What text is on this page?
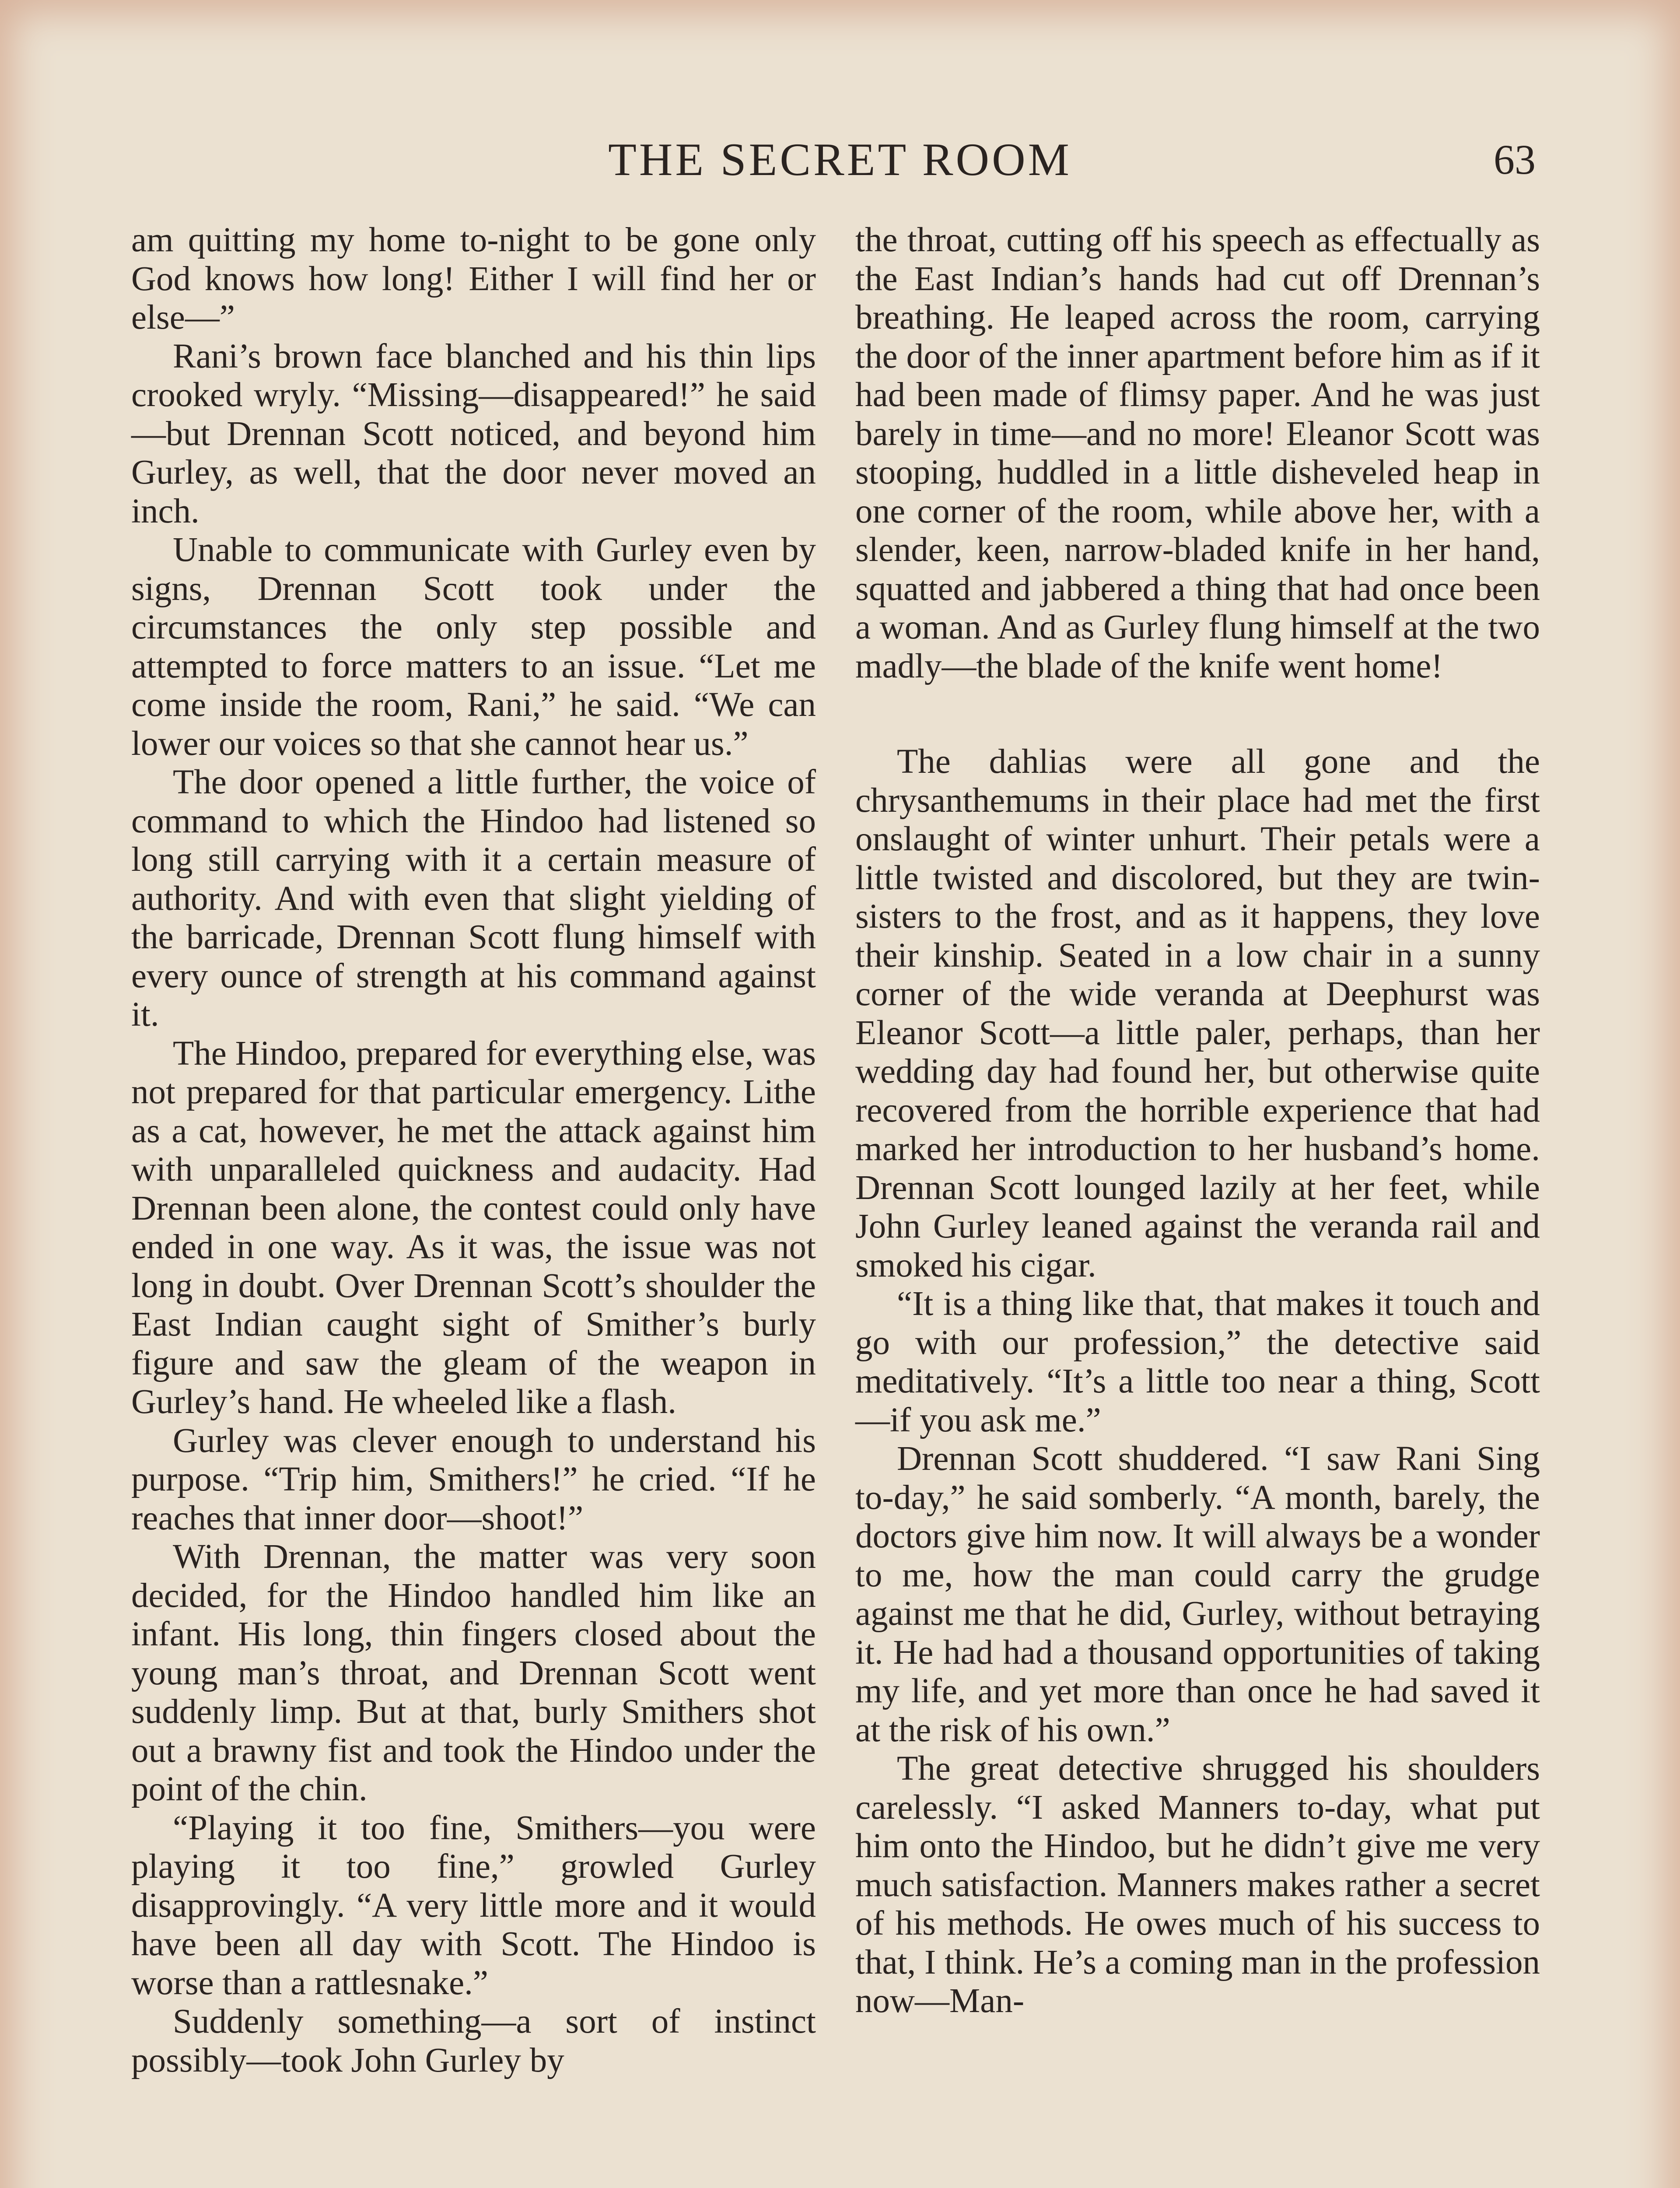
THE SECRET ROOM	63

am quitting my home to-night to be gone only God knows how long! Either I will find her or else—”

Rani’s brown face blanched and his thin lips crooked wryly. “Missing—disappeared!” he said—but Drennan Scott noticed, and beyond him Gurley, as well, that the door never moved an inch.

Unable to communicate with Gurley even by signs, Drennan Scott took under the circumstances the only step possible and attempted to force matters to an issue. “Let me come inside the room, Rani,” he said. “We can lower our voices so that she cannot hear us.”

The door opened a little further, the voice of command to which the Hindoo had listened so long still carrying with it a certain measure of authority. And with even that slight yielding of the barricade, Drennan Scott flung himself with every ounce of strength at his command against it.

The Hindoo, prepared for everything else, was not prepared for that particular emergency. Lithe as a cat, however, he met the attack against him with unparalleled quickness and audacity. Had Drennan been alone, the contest could only have ended in one way. As it was, the issue was not long in doubt. Over Drennan Scott’s shoulder the East Indian caught sight of Smither’s burly figure and saw the gleam of the weapon in Gurley’s hand. He wheeled like a flash.

Gurley was clever enough to understand his purpose. “Trip him, Smithers!” he cried. “If he reaches that inner door—shoot!”

With Drennan, the matter was very soon decided, for the Hindoo handled him like an infant. His long, thin fingers closed about the young man’s throat, and Drennan Scott went suddenly limp. But at that, burly Smithers shot out a brawny fist and took the Hindoo under the point of the chin.

“Playing it too fine, Smithers—you were playing it too fine,” growled Gurley disapprovingly. “A very little more and it would have been all day with Scott. The Hindoo is worse than a rattlesnake.”

Suddenly something—a sort of instinct possibly—took John Gurley by

the throat, cutting off his speech as effectually as the East Indian’s hands had cut off Drennan’s breathing. He leaped across the room, carrying the door of the inner apartment before him as if it had been made of flimsy paper. And he was just barely in time—and no more! Eleanor Scott was stooping, huddled in a little disheveled heap in one corner of the room, while above her, with a slender, keen, narrow-bladed knife in her hand, squatted and jabbered a thing that had once been a woman. And as Gurley flung himself at the two madly—the blade of the knife went home!

The dahlias were all gone and the chrysanthemums in their place had met the first onslaught of winter unhurt. Their petals were a little twisted and discolored, but they are twin-sisters to the frost, and as it happens, they love their kinship. Seated in a low chair in a sunny corner of the wide veranda at Deephurst was Eleanor Scott—a little paler, perhaps, than her wedding day had found her, but otherwise quite recovered from the horrible experience that had marked her introduction to her husband’s home. Drennan Scott lounged lazily at her feet, while John Gurley leaned against the veranda rail and smoked his cigar.

“It is a thing like that, that makes it touch and go with our profession,” the detective said meditatively. “It’s a little too near a thing, Scott—if you ask me.”

Drennan Scott shuddered. “I saw Rani Sing to-day,” he said somberly. “A month, barely, the doctors give him now. It will always be a wonder to me, how the man could carry the grudge against me that he did, Gurley, without betraying it. He had had a thousand opportunities of taking my life, and yet more than once he had saved it at the risk of his own.”

The great detective shrugged his shoulders carelessly. “I asked Manners to-day, what put him onto the Hindoo, but he didn’t give me very much satisfaction. Manners makes rather a secret of his methods. He owes much of his success to that, I think. He’s a coming man in the profession now—Man-
